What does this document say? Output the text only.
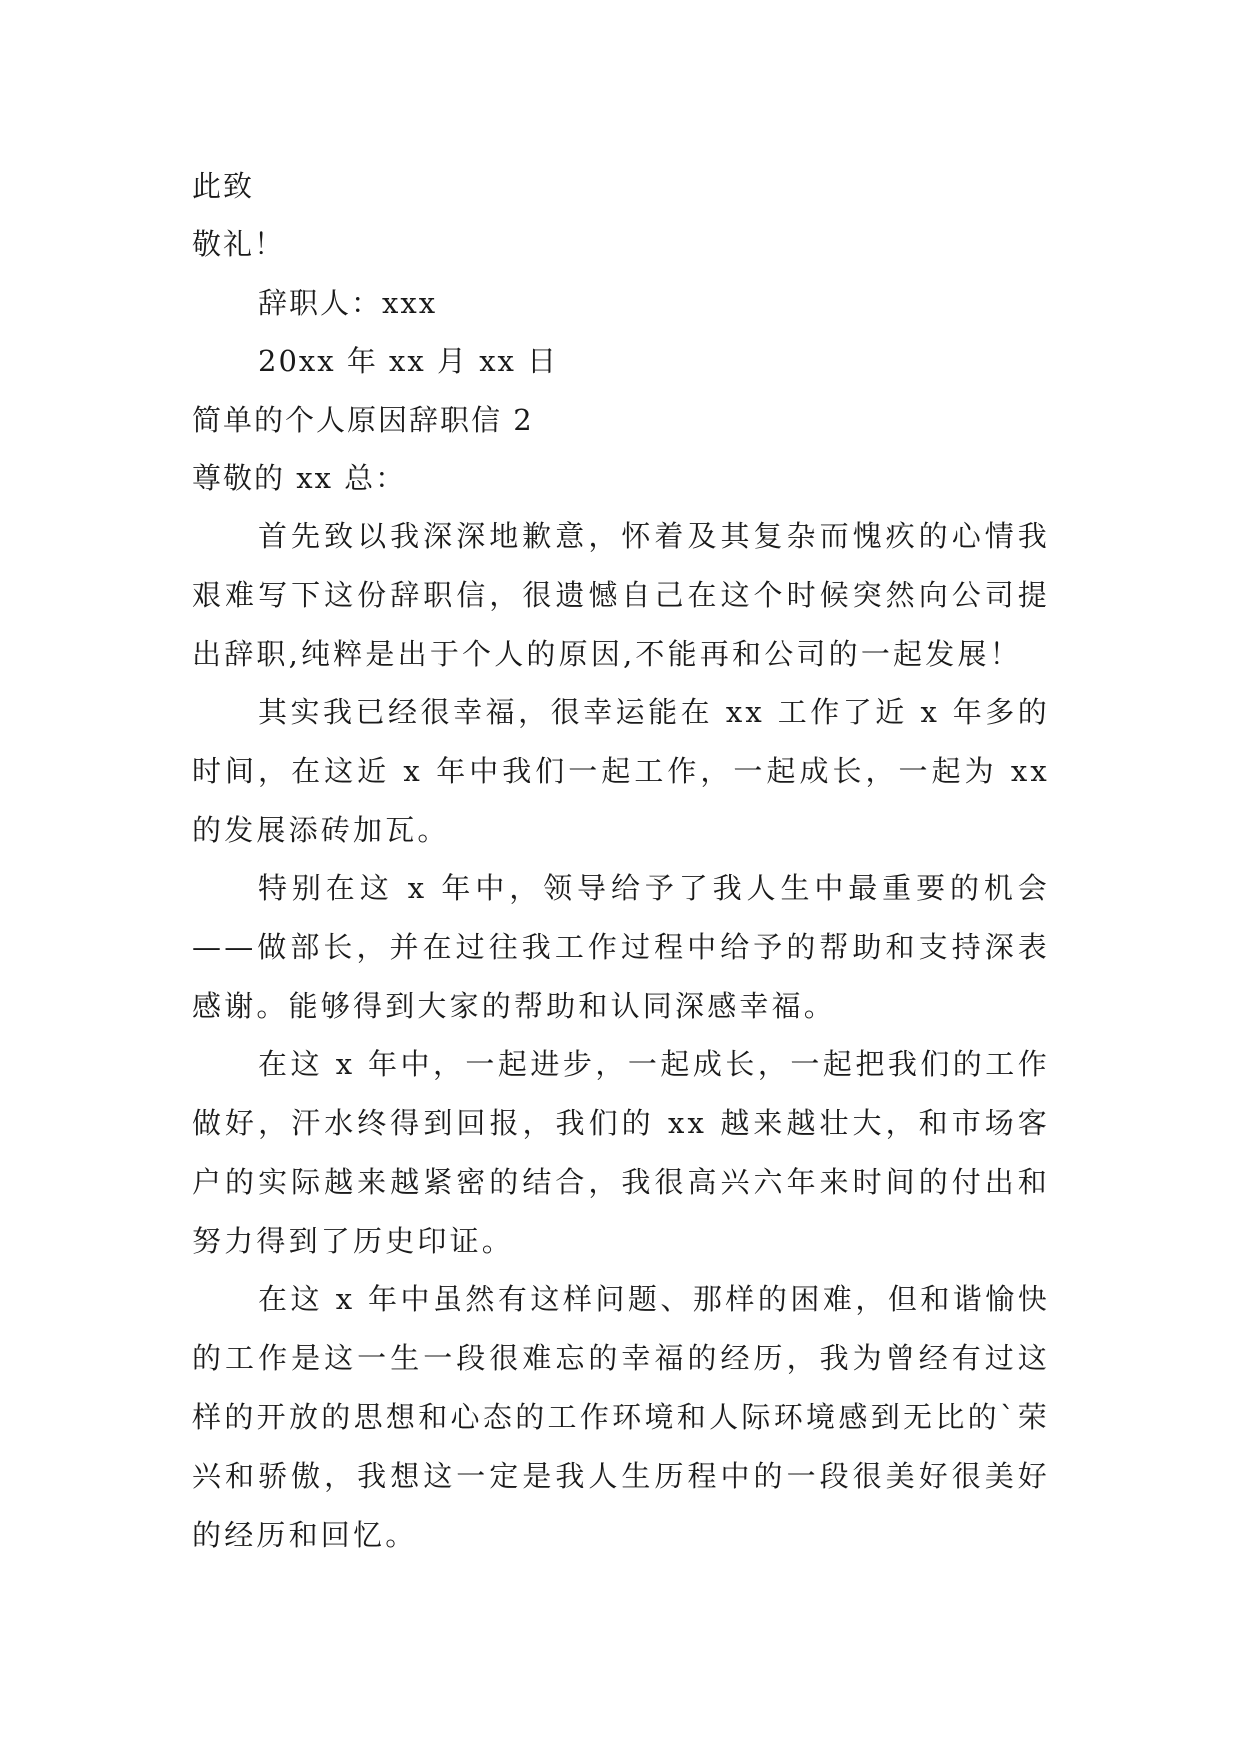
此致
敬礼！
辞职人：xxx
20xx 年 xx 月 xx 日
简单的个人原因辞职信 2
尊敬的 xx 总：
首先致以我深深地歉意，怀着及其复杂而愧疚的心情我艰难写下这份辞职信，很遗憾自己在这个时候突然向公司提出辞职,纯粹是出于个人的原因,不能再和公司的一起发展！
其实我已经很幸福，很幸运能在 xx 工作了近 x 年多的时间，在这近 x 年中我们一起工作，一起成长，一起为 xx 的发展添砖加瓦。
特别在这 x 年中，领导给予了我人生中最重要的机会——做部长，并在过往我工作过程中给予的帮助和支持深表感谢。能够得到大家的帮助和认同深感幸福。
在这 x 年中，一起进步，一起成长，一起把我们的工作做好，汗水终得到回报，我们的 xx 越来越壮大，和市场客户的实际越来越紧密的结合，我很高兴六年来时间的付出和努力得到了历史印证。
在这 x 年中虽然有这样问题、那样的困难，但和谐愉快的工作是这一生一段很难忘的幸福的经历，我为曾经有过这样的开放的思想和心态的工作环境和人际环境感到无比的`荣兴和骄傲，我想这一定是我人生历程中的一段很美好很美好的经历和回忆。
